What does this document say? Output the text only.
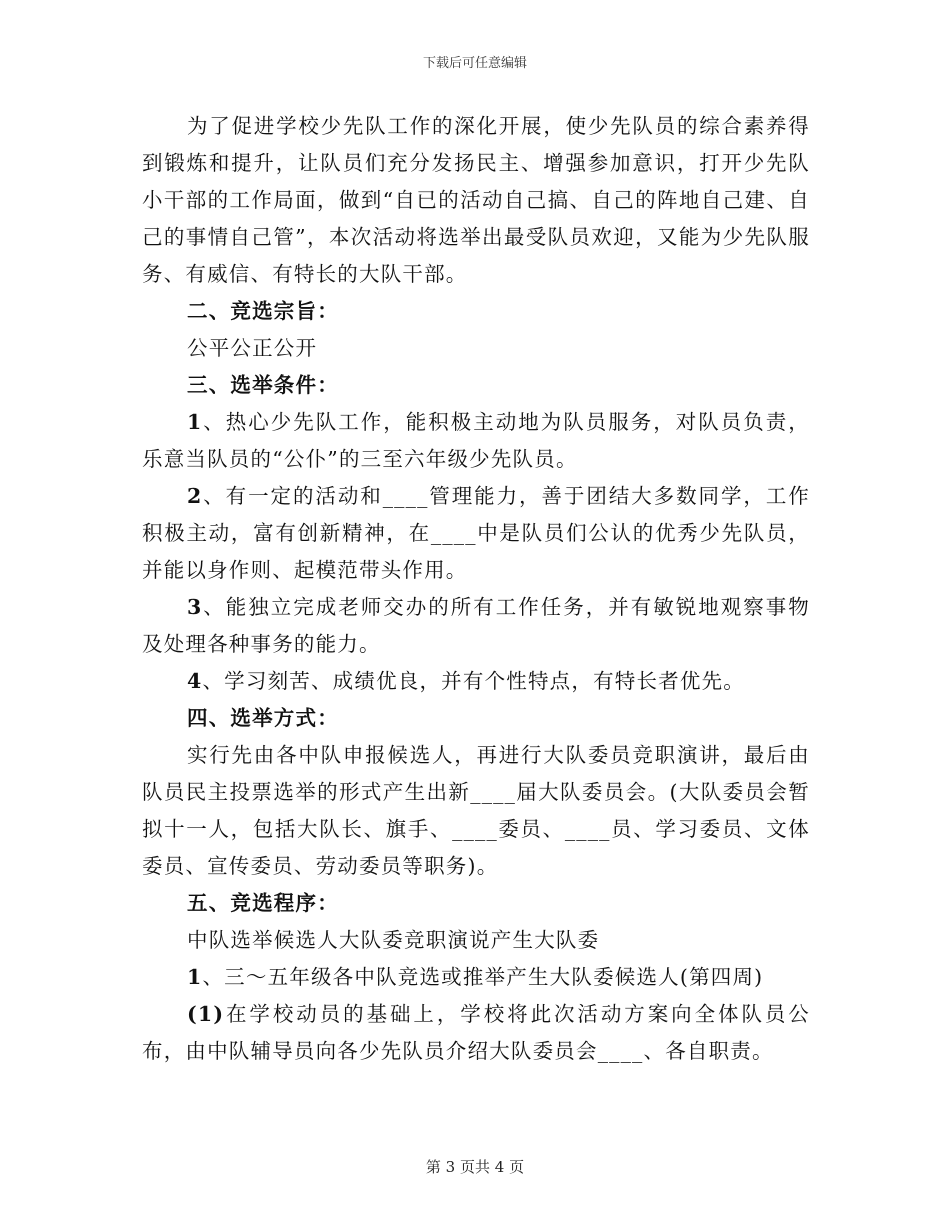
下载后可任意编辑
为了促进学校少先队工作的深化开展，使少先队员的综合素养得到锻炼和提升，让队员们充分发扬民主、增强参加意识，打开少先队小干部的工作局面，做到“自已的活动自己搞、自己的阵地自己建、自己的事情自己管”，本次活动将选举出最受队员欢迎，又能为少先队服务、有威信、有特长的大队干部。
二、竞选宗旨：
公平公正公开
三、选举条件：
1、热心少先队工作，能积极主动地为队员服务，对队员负责，乐意当队员的“公仆”的三至六年级少先队员。
2、有一定的活动和____管理能力，善于团结大多数同学，工作积极主动，富有创新精神，在____中是队员们公认的优秀少先队员，并能以身作则、起模范带头作用。
3、能独立完成老师交办的所有工作任务，并有敏锐地观察事物及处理各种事务的能力。
4、学习刻苦、成绩优良，并有个性特点，有特长者优先。
四、选举方式：
实行先由各中队申报候选人，再进行大队委员竞职演讲，最后由队员民主投票选举的形式产生出新____届大队委员会。(大队委员会暂拟十一人，包括大队长、旗手、____委员、____员、学习委员、文体委员、宣传委员、劳动委员等职务)。
五、竞选程序：
中队选举候选人大队委竞职演说产生大队委
1、三～五年级各中队竞选或推举产生大队委候选人(第四周)
(1)在学校动员的基础上，学校将此次活动方案向全体队员公布，由中队辅导员向各少先队员介绍大队委员会____、各自职责。
第 3 页共 4 页
